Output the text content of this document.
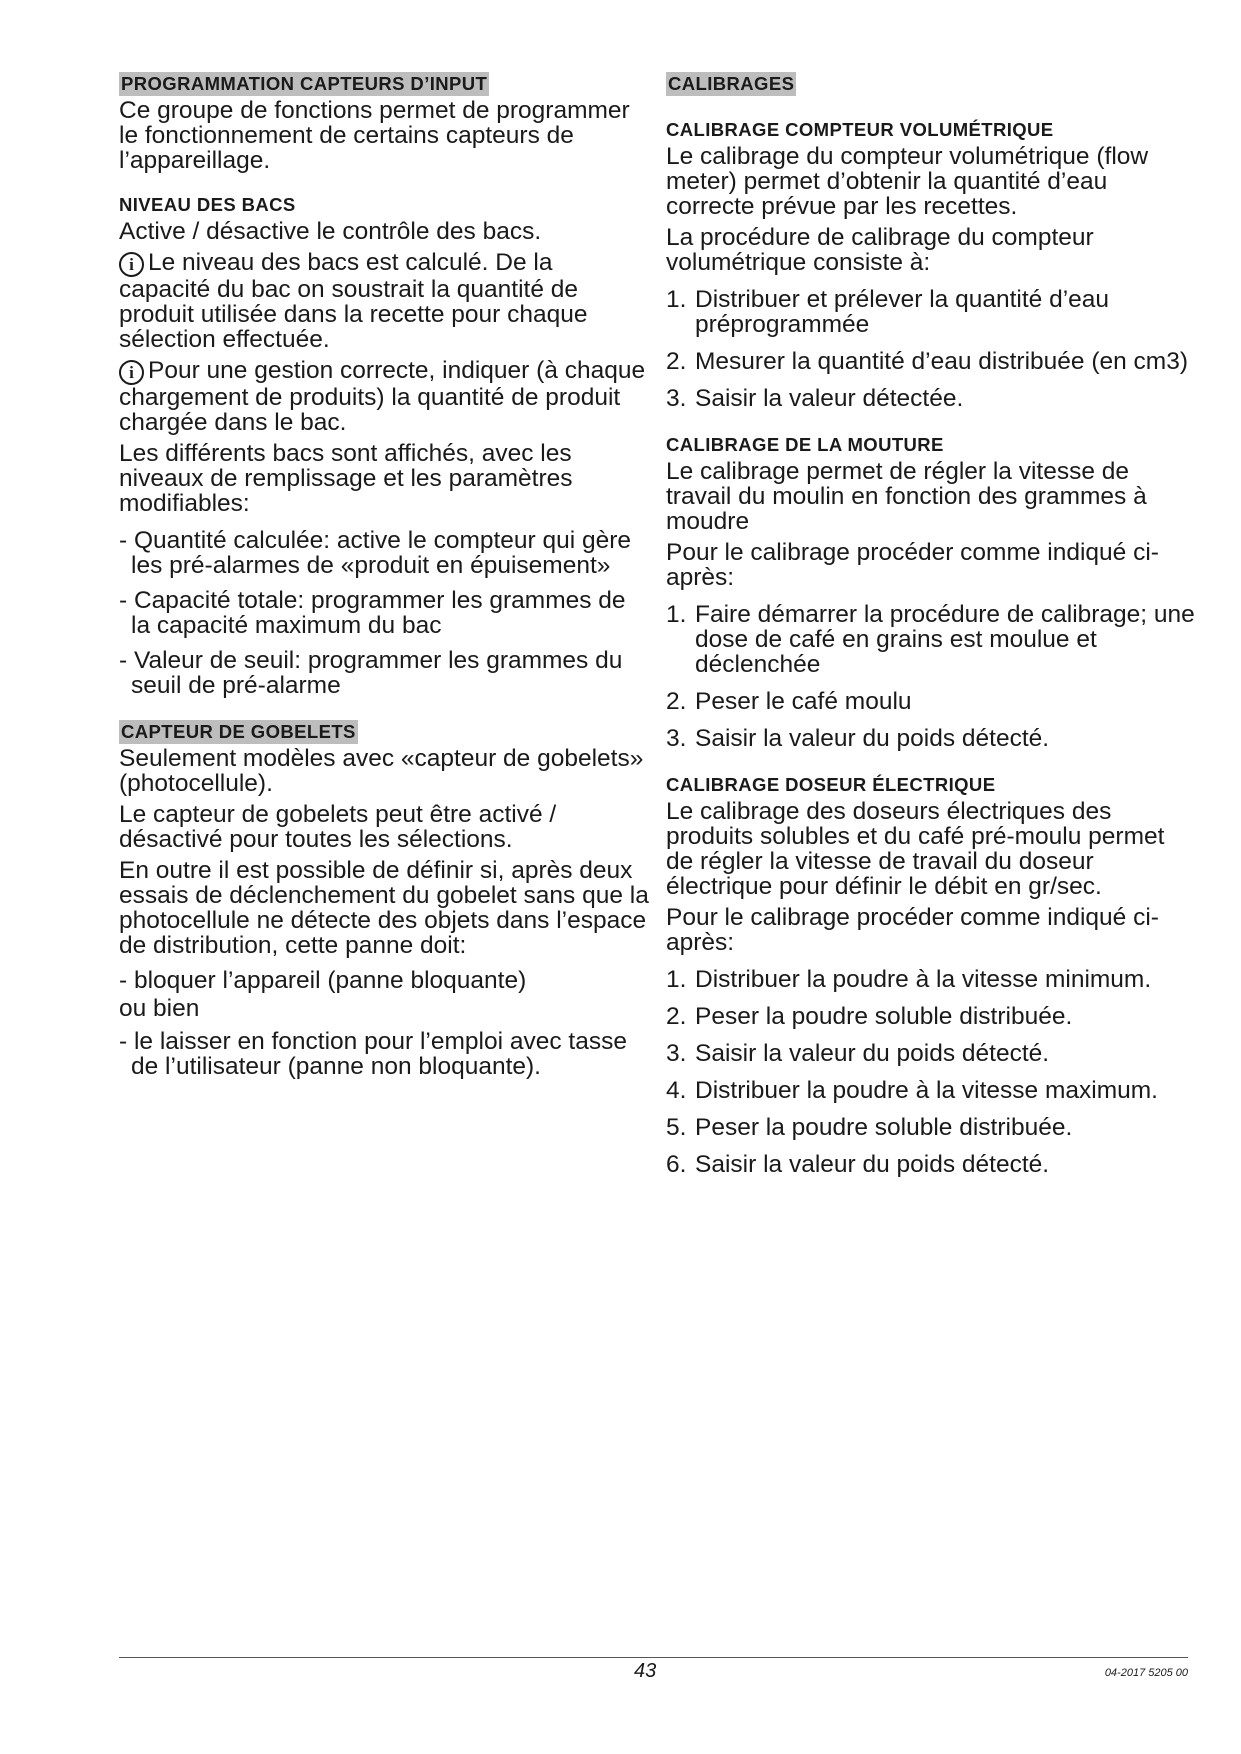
PROGRAMMATION CAPTEURS D’INPUT
Ce groupe de fonctions permet de programmer le fonctionnement de certains capteurs de l’appareillage.
NIVEAU DES BACS
Active / désactive le contrôle des bacs.
i Le niveau des bacs est calculé. De la capacité du bac on soustrait la quantité de produit utilisée dans la recette pour chaque sélection effectuée.
i Pour une gestion correcte, indiquer (à chaque chargement de produits) la quantité de produit chargée dans le bac.
Les différents bacs sont affichés, avec les niveaux de remplissage et les paramètres modifiables:
- Quantité calculée: active le compteur qui gère les pré-alarmes de «produit en épuisement»
- Capacité totale: programmer les grammes de la capacité maximum du bac
- Valeur de seuil: programmer les grammes du seuil de pré-alarme
CAPTEUR DE GOBELETS
Seulement modèles avec «capteur de gobelets» (photocellule).
Le capteur de gobelets peut être activé / désactivé pour toutes les sélections.
En outre il est possible de définir si, après deux essais de déclenchement du gobelet sans que la photocellule ne détecte des objets dans l’espace de distribution, cette panne doit:
- bloquer l’appareil (panne bloquante)
ou bien
- le laisser en fonction pour l’emploi avec tasse de l’utilisateur (panne non bloquante).
CALIBRAGES
CALIBRAGE COMPTEUR VOLUMÉTRIQUE
Le calibrage du compteur volumétrique (flow meter) permet d’obtenir la quantité d’eau correcte prévue par les recettes.
La procédure de calibrage du compteur volumétrique consiste à:
1. Distribuer et prélever la quantité d’eau préprogrammée
2. Mesurer la quantité d’eau distribuée (en cm3)
3. Saisir la valeur détectée.
CALIBRAGE DE LA MOUTURE
Le calibrage permet de régler la vitesse de travail du moulin en fonction des grammes à moudre
Pour le calibrage procéder comme indiqué ci-après:
1. Faire démarrer la procédure de calibrage; une dose de café en grains est moulue et déclenchée
2. Peser le café moulu
3. Saisir la valeur du poids détecté.
CALIBRAGE DOSEUR ÉLECTRIQUE
Le calibrage des doseurs électriques des produits solubles et du café pré-moulu permet de régler la vitesse de travail du doseur électrique pour définir le débit en gr/sec.
Pour le calibrage procéder comme indiqué ci-après:
1. Distribuer la poudre à la vitesse minimum.
2. Peser la poudre soluble distribuée.
3. Saisir la valeur du poids détecté.
4. Distribuer la poudre à la vitesse maximum.
5. Peser la poudre soluble distribuée.
6. Saisir la valeur du poids détecté.
43	04-2017 5205 00
